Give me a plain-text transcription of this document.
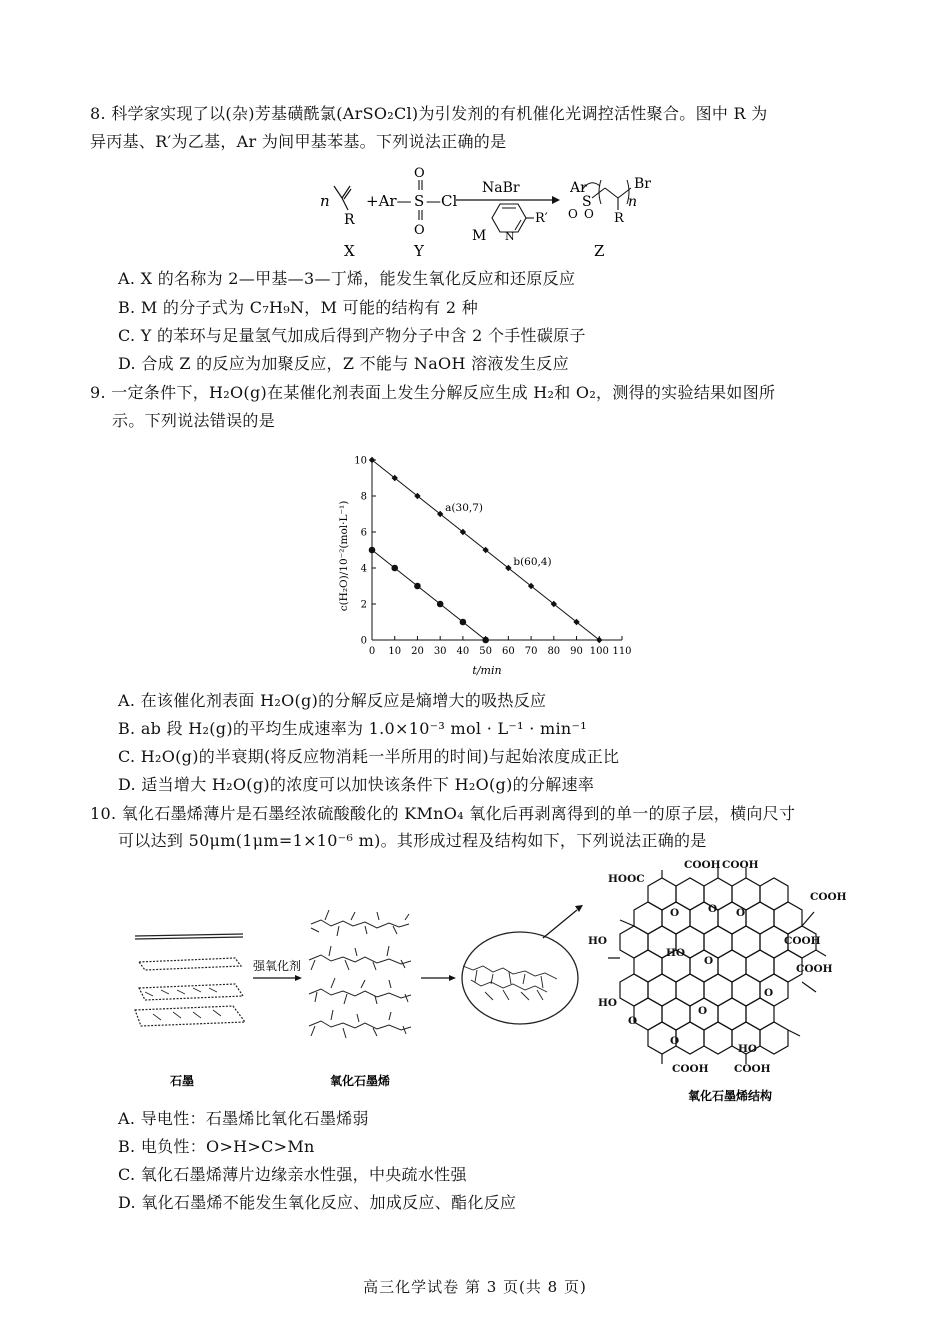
8. 科学家实现了以(杂)芳基磺酰氯(ArSO₂Cl)为引发剂的有机催化光调控活性聚合。图中 R 为
异丙基、R′为乙基，Ar 为间甲基苯基。下列说法正确的是
n
R
X
+Ar— S
O
O
—Cl
Y
NaBr
N
R′
M
Ar
S
O O R
n
Br
Z
A. X 的名称为 2—甲基—3—丁烯，能发生氧化反应和还原反应
B. M 的分子式为 C₇H₉N，M 可能的结构有 2 种
C. Y 的苯环与足量氢气加成后得到产物分子中含 2 个手性碳原子
D. 合成 Z 的反应为加聚反应，Z 不能与 NaOH 溶液发生反应
9. 一定条件下，H₂O(g)在某催化剂表面上发生分解反应生成 H₂和 O₂，测得的实验结果如图所
示。下列说法错误的是
0
2
4
6
8
10
0 10 20 30 40 50 60 70 80 90 100 110
a(30,7)
b(60,4)
t/min
c(H₂O)/10⁻²(mol·L⁻¹)
A. 在该催化剂表面 H₂O(g)的分解反应是熵增大的吸热反应
B. ab 段 H₂(g)的平均生成速率为 1.0×10⁻³ mol · L⁻¹ · min⁻¹
C. H₂O(g)的半衰期(将反应物消耗一半所用的时间)与起始浓度成正比
D. 适当增大 H₂O(g)的浓度可以加快该条件下 H₂O(g)的分解速率
10. 氧化石墨烯薄片是石墨经浓硫酸酸化的 KMnO₄ 氧化后再剥离得到的单一的原子层，横向尺寸
可以达到 50μm(1μm=1×10⁻⁶ m)。其形成过程及结构如下，下列说法正确的是
石墨
强氧化剂
氧化石墨烯
COOH COOH
COOH
HOOC
COOH
HO
HO
HO
COOH COOH
COOH
O	O O
O
O
O
O
O
HO
氧化石墨烯结构
A. 导电性：石墨烯比氧化石墨烯弱
B. 电负性：O>H>C>Mn
C. 氧化石墨烯薄片边缘亲水性强，中央疏水性强
D. 氧化石墨烯不能发生氧化反应、加成反应、酯化反应
高三化学试卷 第 3 页(共 8 页)
